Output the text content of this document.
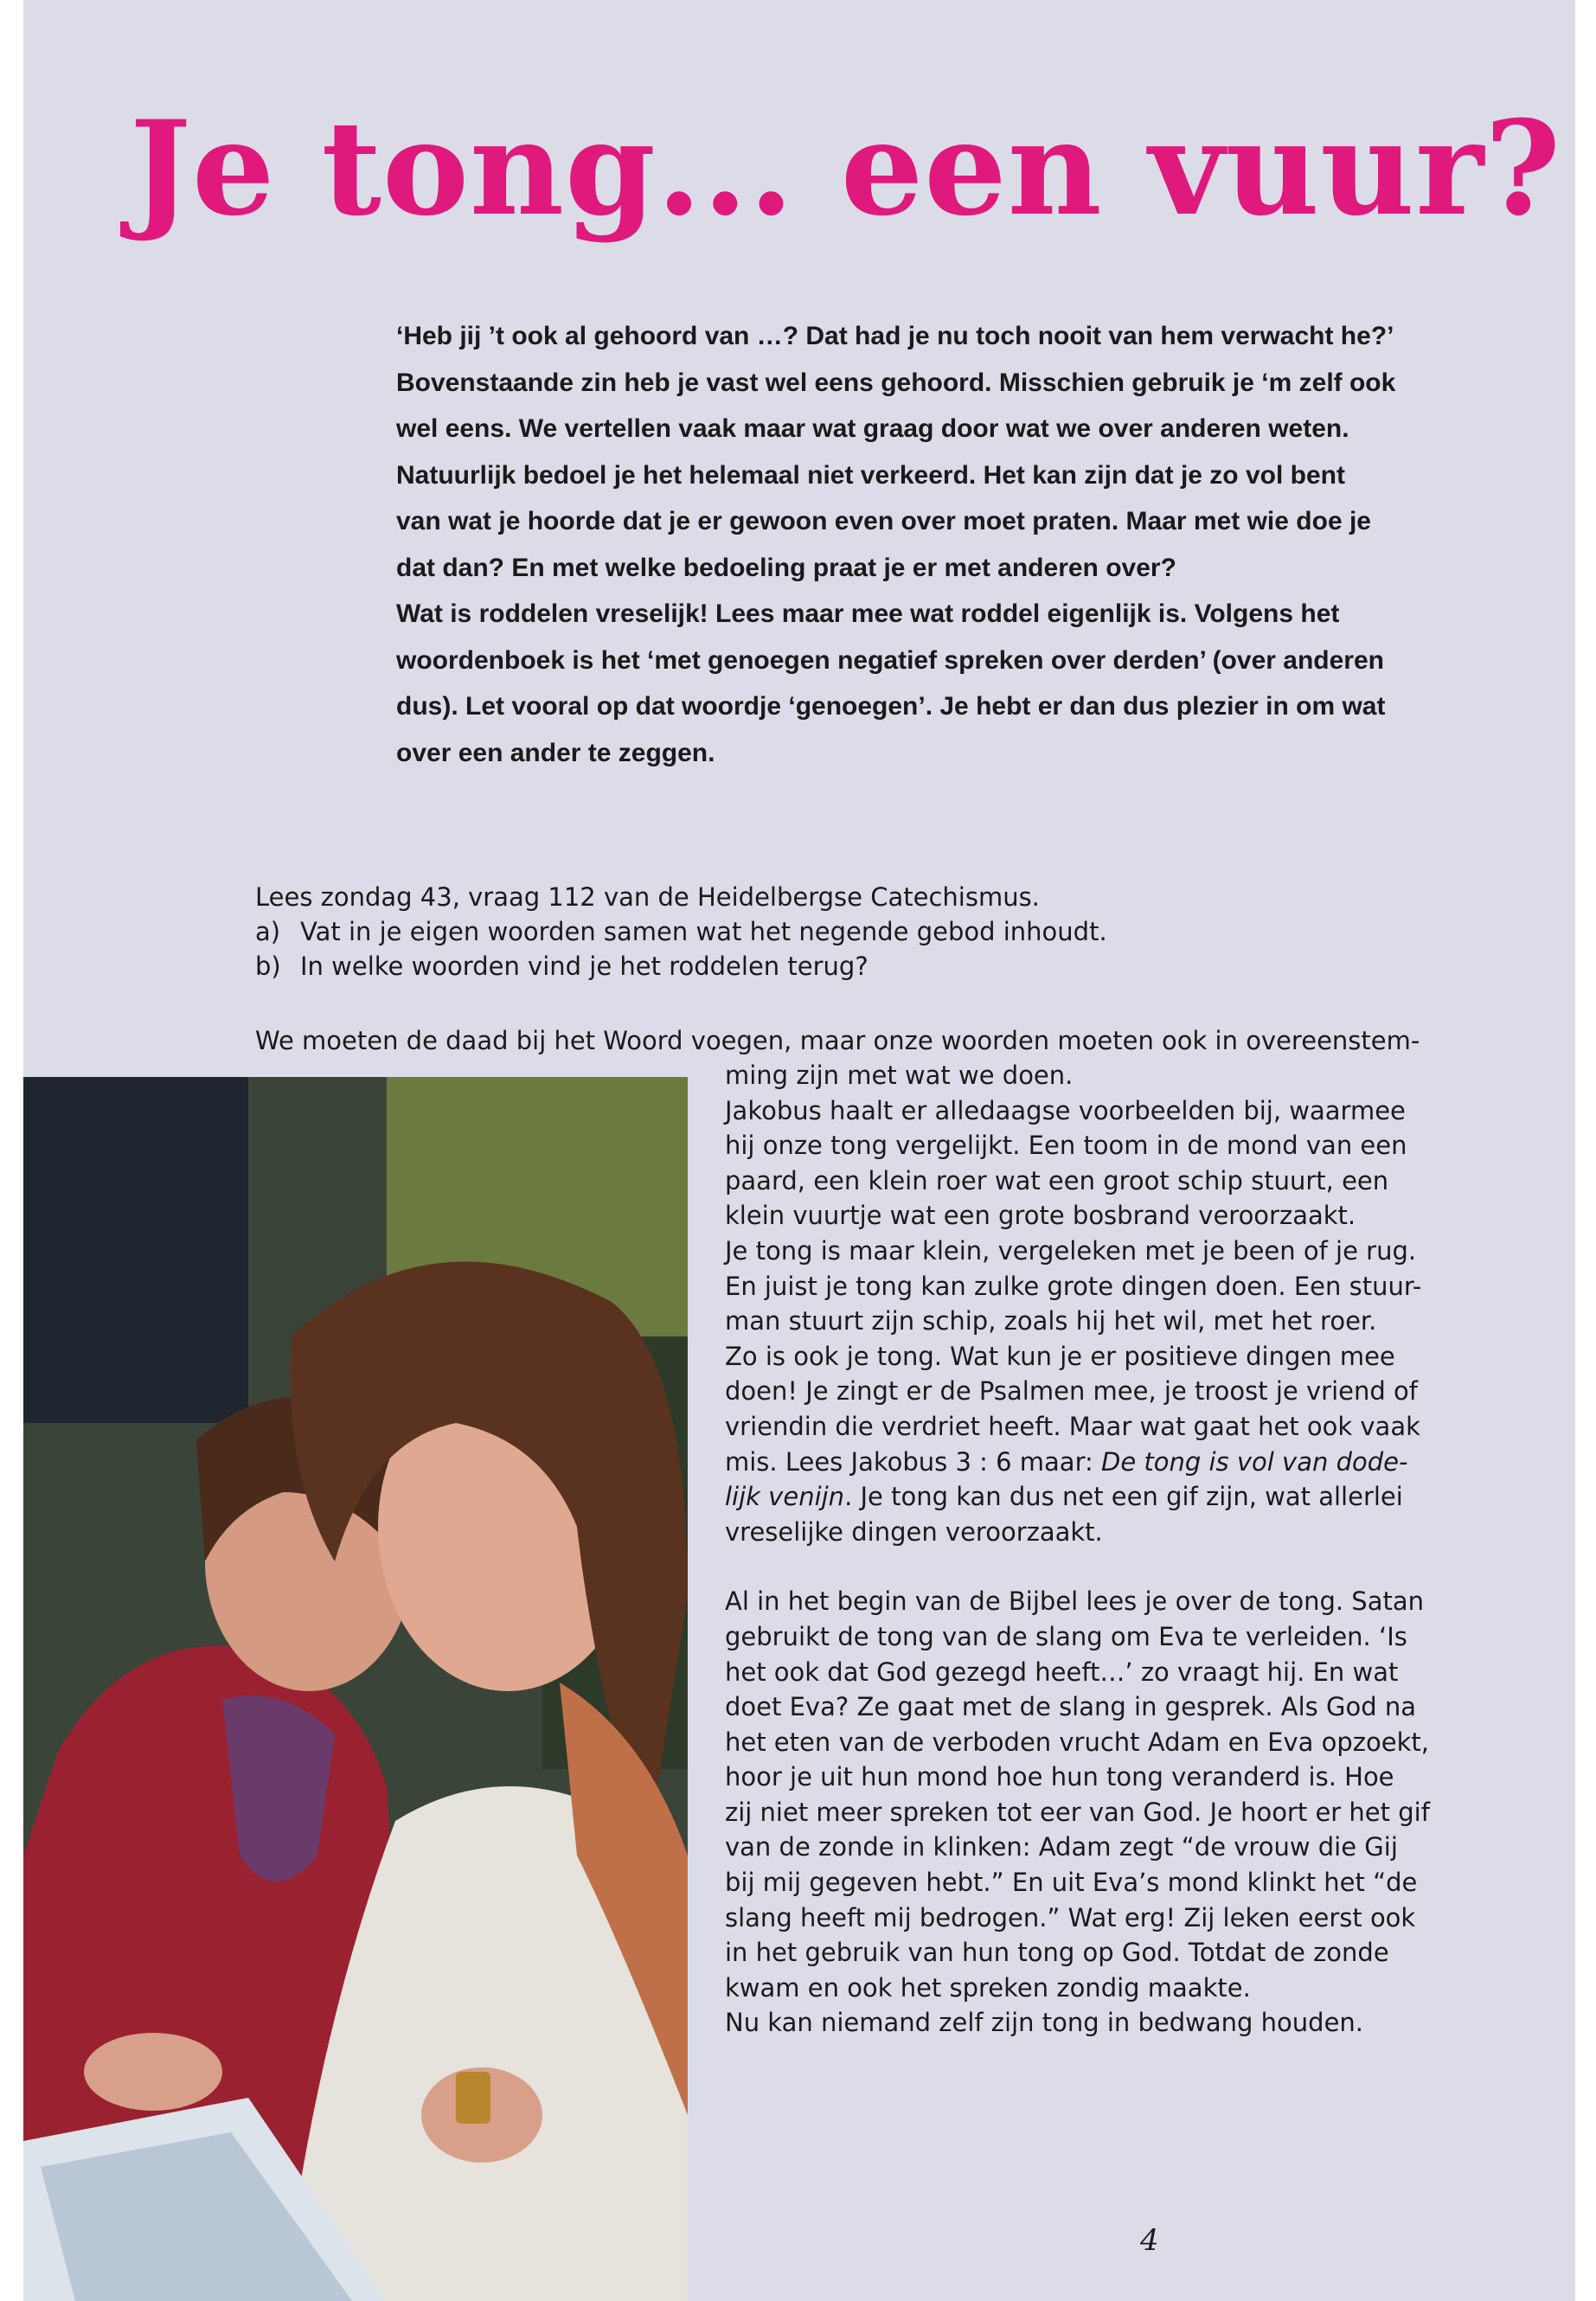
Je tong... een vuur?

‘Heb jij ’t ook al gehoord van …? Dat had je nu toch nooit van hem verwacht he?’

Bovenstaande zin heb je vast wel eens gehoord. Misschien gebruik je ‘m zelf ook

wel eens. We vertellen vaak maar wat graag door wat we over anderen weten.

Natuurlijk bedoel je het helemaal niet verkeerd. Het kan zijn dat je zo vol bent

van wat je hoorde dat je er gewoon even over moet praten. Maar met wie doe je

dat dan? En met welke bedoeling praat je er met anderen over?

Wat is roddelen vreselijk! Lees maar mee wat roddel eigenlijk is. Volgens het

woordenboek is het ‘met genoegen negatief spreken over derden’ (over anderen

dus). Let vooral op dat woordje ‘genoegen’. Je hebt er dan dus plezier in om wat

over een ander te zeggen.

Lees zondag 43, vraag 112 van de Heidelbergse Catechismus.

a) Vat in je eigen woorden samen wat het negende gebod inhoudt.
b) In welke woorden vind je het roddelen terug?

We moeten de daad bij het Woord voegen, maar onze woorden moeten ook in overeenstem-

ming zijn met wat we doen.

Jakobus haalt er alledaagse voorbeelden bij, waarmee

hij onze tong vergelijkt. Een toom in de mond van een

paard, een klein roer wat een groot schip stuurt, een

klein vuurtje wat een grote bosbrand veroorzaakt.

Je tong is maar klein, vergeleken met je been of je rug.

En juist je tong kan zulke grote dingen doen. Een stuur-

man stuurt zijn schip, zoals hij het wil, met het roer.

Zo is ook je tong. Wat kun je er positieve dingen mee

doen! Je zingt er de Psalmen mee, je troost je vriend of

vriendin die verdriet heeft. Maar wat gaat het ook vaak

mis. Lees Jakobus 3 : 6 maar: De tong is vol van dode-

lijk venijn. Je tong kan dus net een gif zijn, wat allerlei

vreselijke dingen veroorzaakt.

Al in het begin van de Bijbel lees je over de tong. Satan

gebruikt de tong van de slang om Eva te verleiden. ‘Is

het ook dat God gezegd heeft…’ zo vraagt hij. En wat

doet Eva? Ze gaat met de slang in gesprek. Als God na

het eten van de verboden vrucht Adam en Eva opzoekt,

hoor je uit hun mond hoe hun tong veranderd is. Hoe

zij niet meer spreken tot eer van God. Je hoort er het gif

van de zonde in klinken: Adam zegt “de vrouw die Gij

bij mij gegeven hebt.” En uit Eva’s mond klinkt het “de

slang heeft mij bedrogen.” Wat erg! Zij leken eerst ook

in het gebruik van hun tong op God. Totdat de zonde

kwam en ook het spreken zondig maakte.

Nu kan niemand zelf zijn tong in bedwang houden.

4
